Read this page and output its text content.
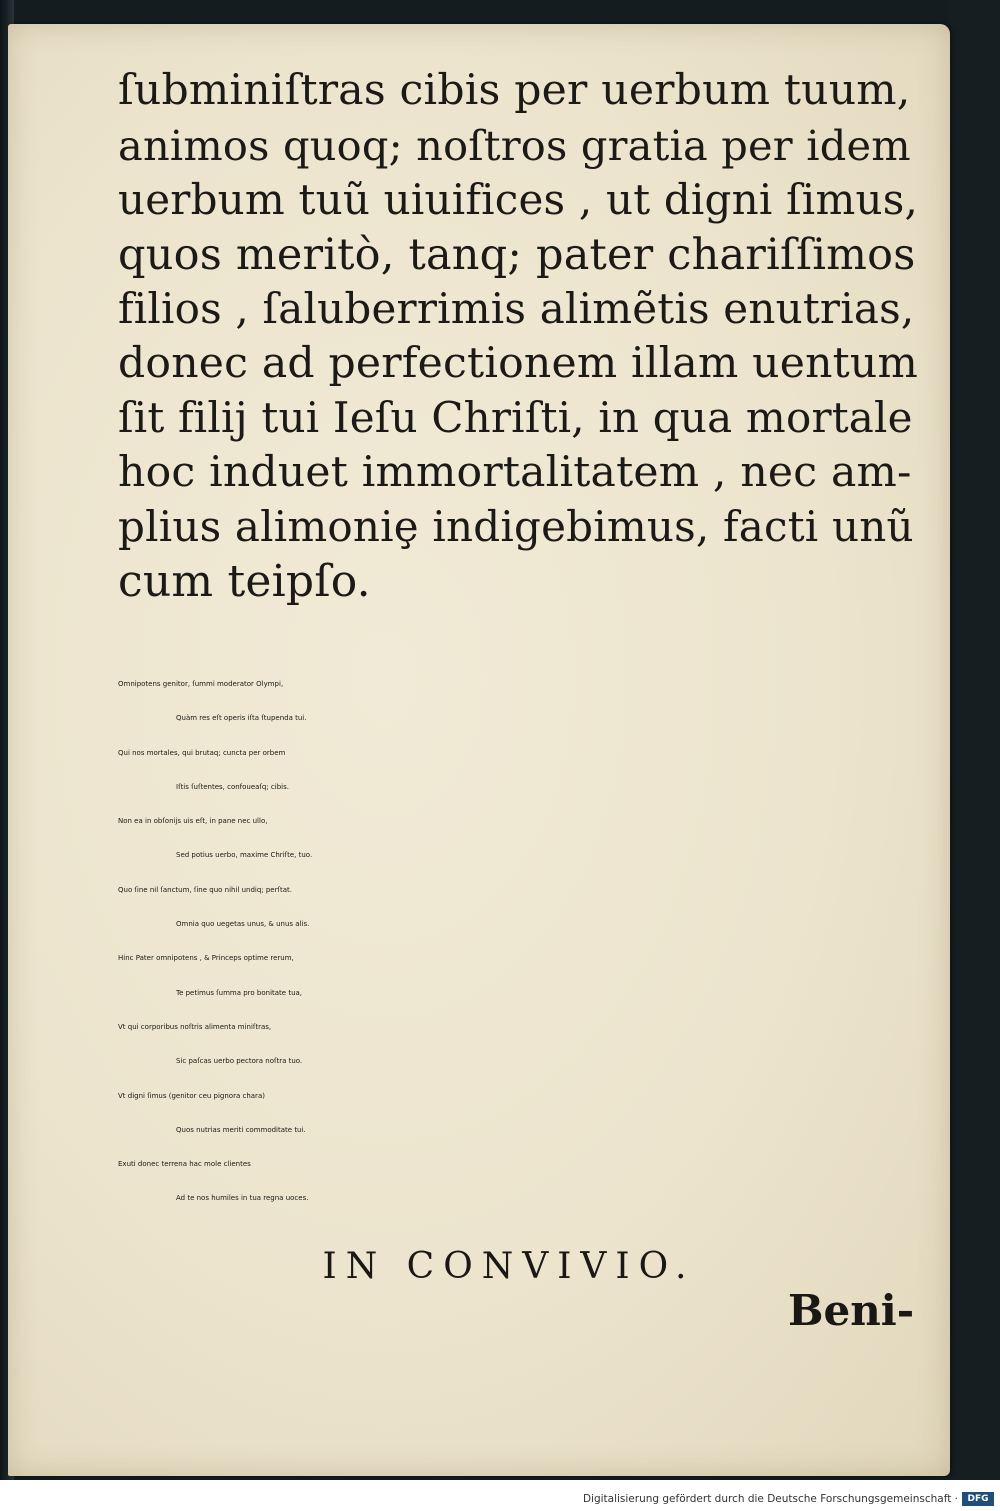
ſubminiſtras cibis per uerbum tuum,
animos quoq; noſtros gratia per idem
uerbum tuũ uiuifices , ut digni ſimus,
quos meritò, tanq; pater chariſſimos
filios , ſaluberrimis alimẽtis enutrias,
donec ad perfectionem illam uentum
ſit filij tui Ieſu Chriſti, in qua mortale
hoc induet immortalitatem , nec am-
plius alimoniȩ indigebimus, facti unũ
cum teipſo.
Omnipotens genitor, ſummi moderator Olympi,
Quàm res eſt operis iſta ſtupenda tui.
Qui nos mortales, qui brutaq; cuncta per orbem
Iſtis ſuſtentes, confoueaſq; cibis.
Non ea in obſonijs uis eſt, in pane nec ullo,
Sed potius uerbo, maxime Chriſte, tuo.
Quo ſine nil ſanctum, ſine quo nihil undiq; perſtat.
Omnia quo uegetas unus, & unus alis.
Hinc Pater omnipotens , & Princeps optime rerum,
Te petimus ſumma pro bonitate tua,
Vt qui corporibus noſtris alimenta miniſtras,
Sic paſcas uerbo pectora noſtra tuo.
Vt digni ſimus (genitor ceu pignora chara)
Quos nutrias meriti commoditate tui.
Exuti donec terrena hac mole clientes
Ad te nos humiles in tua regna uoces.
IN CONVIVIO.
Beni-
Digitalisierung gefördert durch die Deutsche Forschungsgemeinschaft ·	DFG
